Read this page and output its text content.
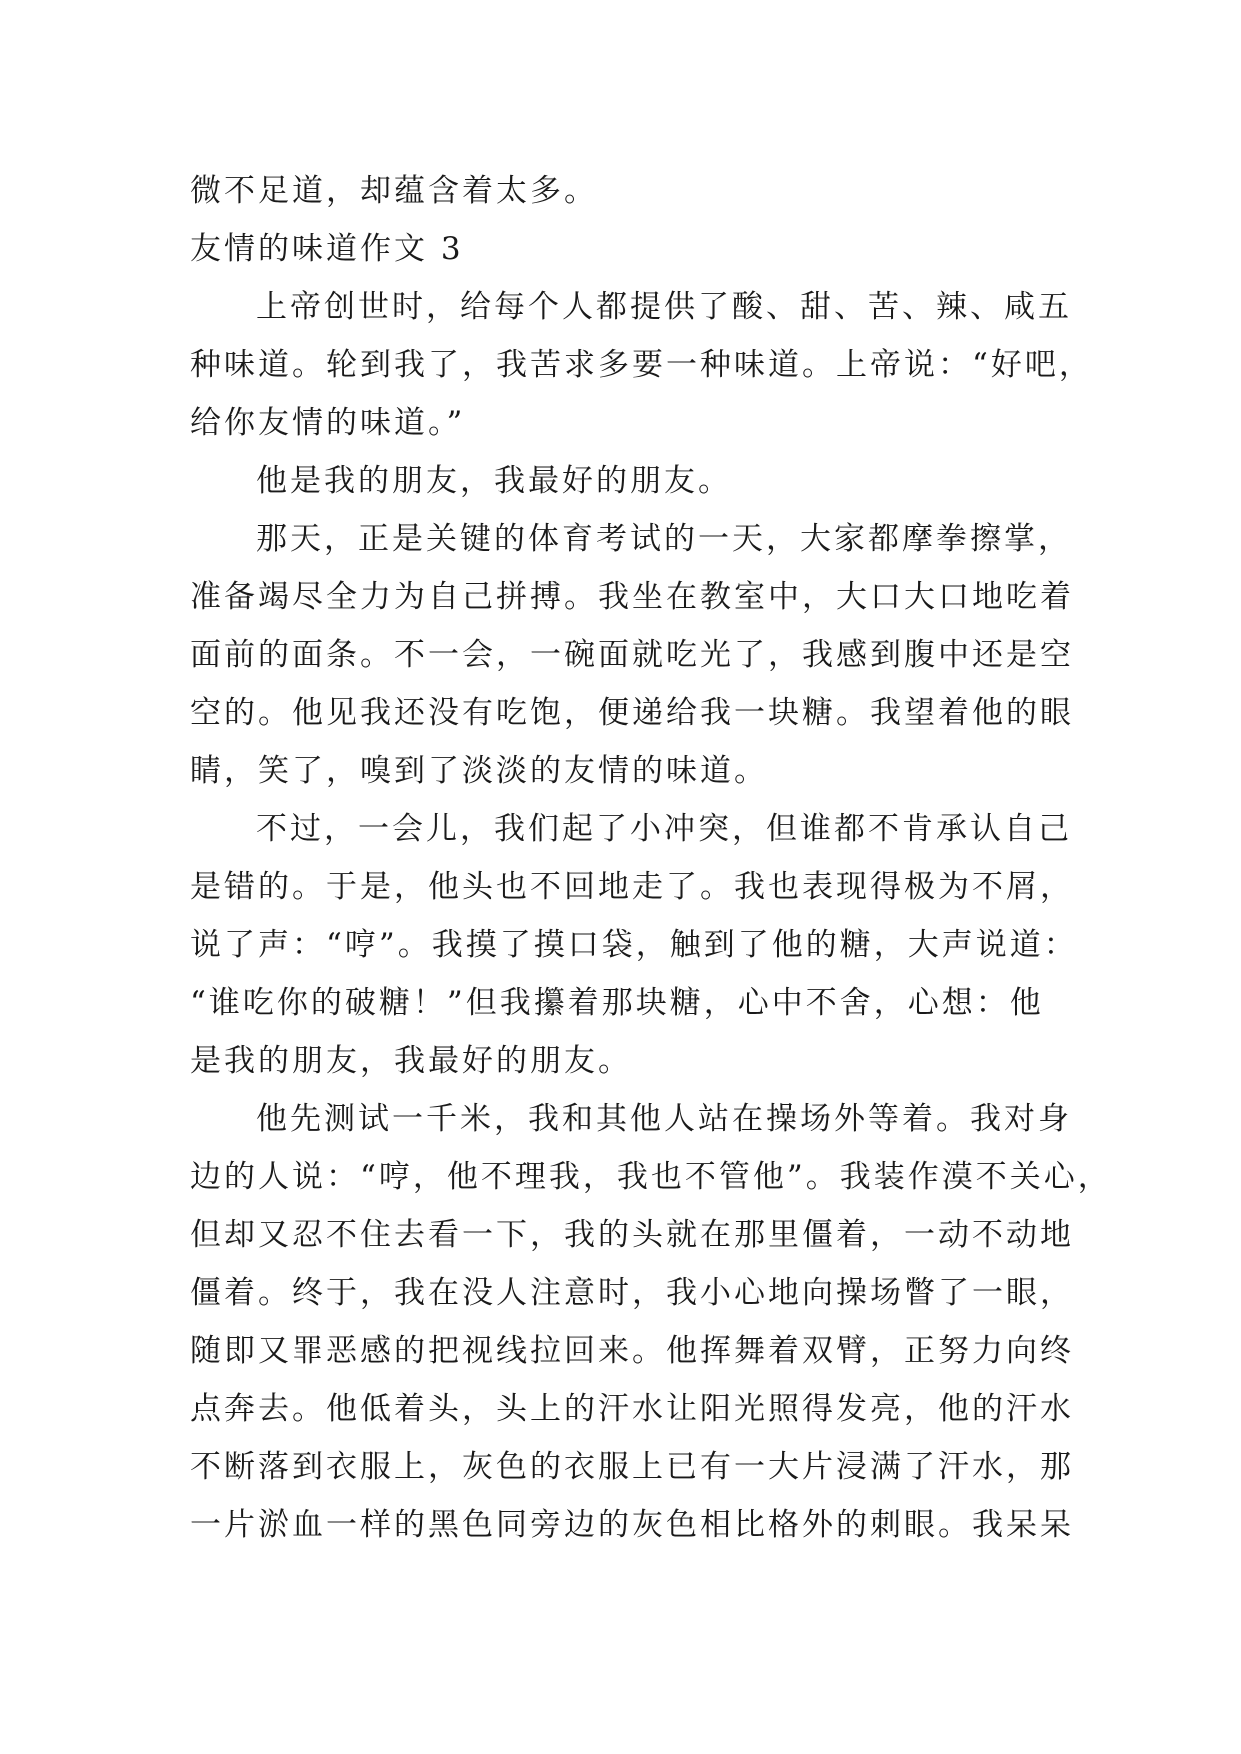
微不足道，却蕴含着太多。

友情的味道作文 3

上帝创世时，给每个人都提供了酸、甜、苦、辣、咸五

种味道。轮到我了，我苦求多要一种味道。上帝说：“好吧，

给你友情的味道。”

他是我的朋友，我最好的朋友。

那天，正是关键的体育考试的一天，大家都摩拳擦掌，

准备竭尽全力为自己拼搏。我坐在教室中，大口大口地吃着

面前的面条。不一会，一碗面就吃光了，我感到腹中还是空

空的。他见我还没有吃饱，便递给我一块糖。我望着他的眼

睛，笑了，嗅到了淡淡的友情的味道。

不过，一会儿，我们起了小冲突，但谁都不肯承认自己

是错的。于是，他头也不回地走了。我也表现得极为不屑，

说了声：“哼”。我摸了摸口袋，触到了他的糖，大声说道：

“谁吃你的破糖！”但我攥着那块糖，心中不舍，心想：他

是我的朋友，我最好的朋友。

他先测试一千米，我和其他人站在操场外等着。我对身

边的人说：“哼，他不理我，我也不管他”。我装作漠不关心，

但却又忍不住去看一下，我的头就在那里僵着，一动不动地

僵着。终于，我在没人注意时，我小心地向操场瞥了一眼，

随即又罪恶感的把视线拉回来。他挥舞着双臂，正努力向终

点奔去。他低着头，头上的汗水让阳光照得发亮，他的汗水

不断落到衣服上，灰色的衣服上已有一大片浸满了汗水，那

一片淤血一样的黑色同旁边的灰色相比格外的刺眼。我呆呆
